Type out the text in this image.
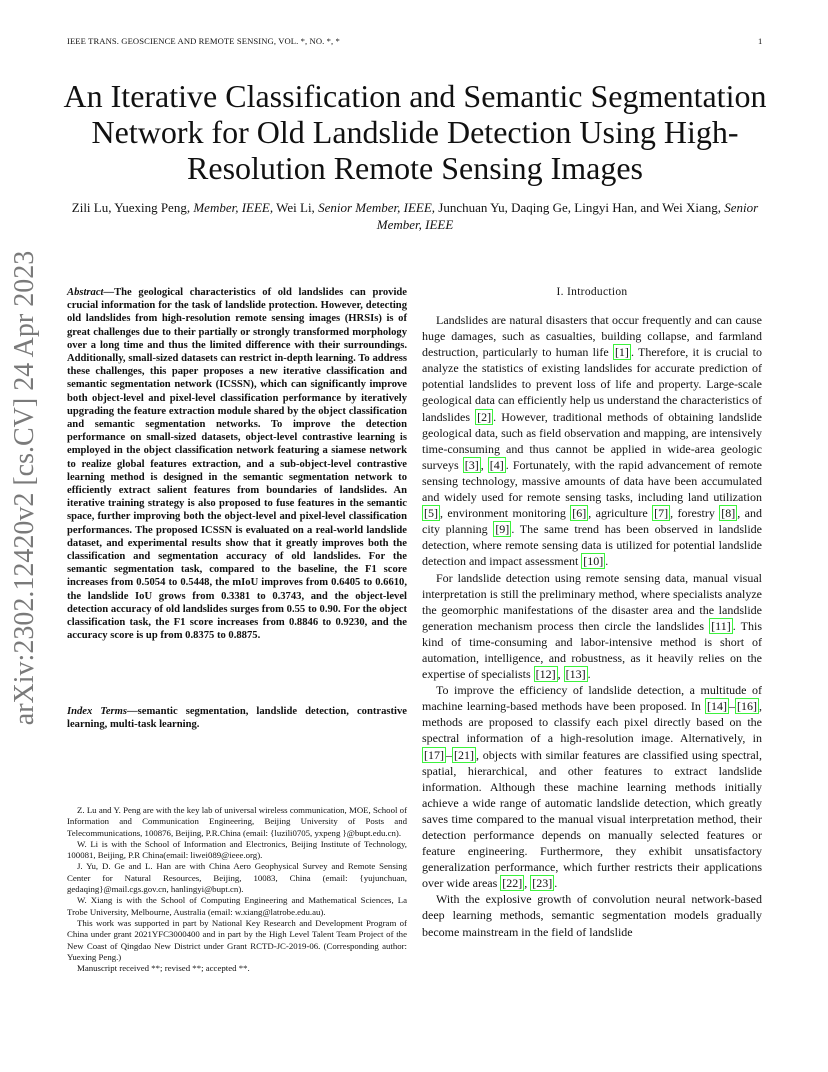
IEEE TRANS. GEOSCIENCE AND REMOTE SENSING, VOL. *, NO. *, *	1
arXiv:2302.12420v2 [cs.CV] 24 Apr 2023
An Iterative Classification and Semantic Segmentation Network for Old Landslide Detection Using High-Resolution Remote Sensing Images
Zili Lu, Yuexing Peng, Member, IEEE, Wei Li, Senior Member, IEEE, Junchuan Yu, Daqing Ge, Lingyi Han, and Wei Xiang, Senior Member, IEEE
Abstract—The geological characteristics of old landslides can provide crucial information for the task of landslide protection. However, detecting old landslides from high-resolution remote sensing images (HRSIs) is of great challenges due to their partially or strongly transformed morphology over a long time and thus the limited difference with their surroundings. Additionally, small-sized datasets can restrict in-depth learning. To address these challenges, this paper proposes a new iterative classification and semantic segmentation network (ICSSN), which can significantly improve both object-level and pixel-level classification performance by iteratively upgrading the feature extraction module shared by the object classification and semantic segmentation networks. To improve the detection performance on small-sized datasets, object-level contrastive learning is employed in the object classification network featuring a siamese network to realize global features extraction, and a sub-object-level contrastive learning method is designed in the semantic segmentation network to efficiently extract salient features from boundaries of landslides. An iterative training strategy is also proposed to fuse features in the semantic space, further improving both the object-level and pixel-level classification performances. The proposed ICSSN is evaluated on a real-world landslide dataset, and experimental results show that it greatly improves both the classification and segmentation accuracy of old landslides. For the semantic segmentation task, compared to the baseline, the F1 score increases from 0.5054 to 0.5448, the mIoU improves from 0.6405 to 0.6610, the landslide IoU grows from 0.3381 to 0.3743, and the object-level detection accuracy of old landslides surges from 0.55 to 0.90. For the object classification task, the F1 score increases from 0.8846 to 0.9230, and the accuracy score is up from 0.8375 to 0.8875.
Index Terms—semantic segmentation, landslide detection, contrastive learning, multi-task learning.

Z. Lu and Y. Peng are with the key lab of universal wireless communication, MOE, School of Information and Communication Engineering, Beijing University of Posts and Telecommunications, 100876, Beijing, P.R.China (email: {luzili0705, yxpeng }@bupt.edu.cn).

W. Li is with the School of Information and Electronics, Beijing Institute of Technology, 100081, Beijing, P.R China(email: liwei089@ieee.org).

J. Yu, D. Ge and L. Han are with China Aero Geophysical Survey and Remote Sensing Center for Natural Resources, Beijing, 10083, China (email: {yujunchuan, gedaqing}@mail.cgs.gov.cn, hanlingyi@bupt.cn).

W. Xiang is with the School of Computing Engineering and Mathematical Sciences, La Trobe University, Melbourne, Australia (email: w.xiang@latrobe.edu.au).

This work was supported in part by National Key Research and Development Program of China under grant 2021YFC3000400 and in part by the High Level Talent Team Project of the New Coast of Qingdao New District under Grant RCTD-JC-2019-06. (Corresponding author: Yuexing Peng.)

Manuscript received **; revised **; accepted **.

I. Introduction

Landslides are natural disasters that occur frequently and can cause huge damages, such as casualties, building collapse, and farmland destruction, particularly to human life [1] . Therefore, it is crucial to analyze the statistics of existing landslides for accurate prediction of potential landslides to prevent loss of life and property. Large-scale geological data can efficiently help us understand the characteristics of landslides [2] . However, traditional methods of obtaining landslide geological data, such as field observation and mapping, are intensively time-consuming and thus cannot be applied in wide-area geologic surveys [3] , [4] . Fortunately, with the rapid advancement of remote sensing technology, massive amounts of data have been accumulated and widely used for remote sensing tasks, including land utilization [5] , environment monitoring [6] , agriculture [7] , forestry [8] , and city planning [9] . The same trend has been observed in landslide detection, where remote sensing data is utilized for potential landslide detection and impact assessment [10] .

For landslide detection using remote sensing data, manual visual interpretation is still the preliminary method, where specialists analyze the geomorphic manifestations of the disaster area and the landslide generation mechanism process then circle the landslides [11] . This kind of time-consuming and labor-intensive method is short of automation, intelligence, and robustness, as it heavily relies on the expertise of specialists [12] , [13] .

To improve the efficiency of landslide detection, a multitude of machine learning-based methods have been proposed. In [14] – [16] , methods are proposed to classify each pixel directly based on the spectral information of a high-resolution image. Alternatively, in [17] – [21] , objects with similar features are classified using spectral, spatial, hierarchical, and other features to extract landslide information. Although these machine learning methods initially achieve a wide range of automatic landslide detection, which greatly saves time compared to the manual visual interpretation method, their detection performance depends on manually selected features or feature engineering. Furthermore, they exhibit unsatisfactory generalization performance, which further restricts their applications over wide areas [22] , [23] .

With the explosive growth of convolution neural network-based deep learning methods, semantic segmentation models gradually become mainstream in the field of landslide
